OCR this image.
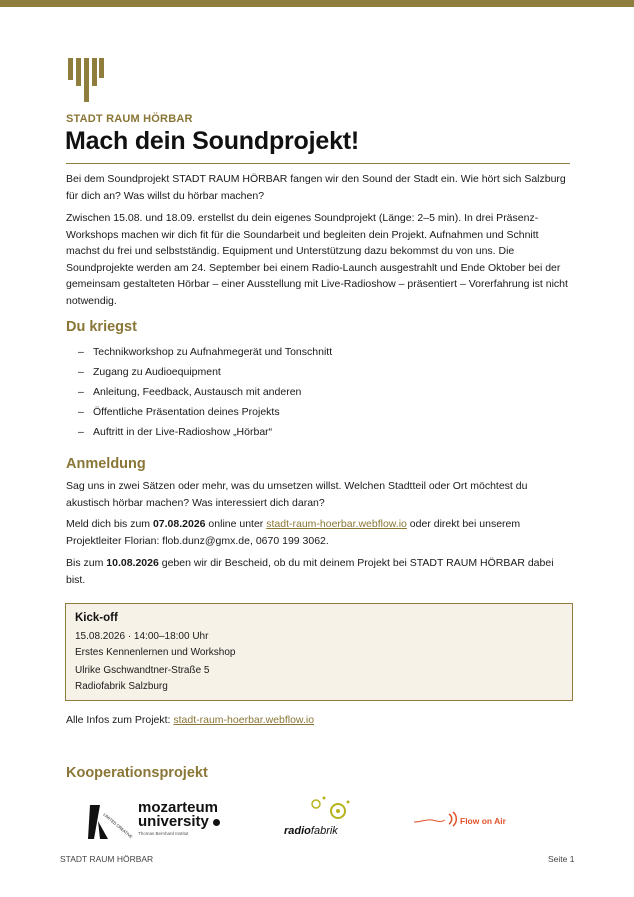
STADT RAUM HÖRBAR
Mach dein Soundprojekt!

Bei dem Soundprojekt STADT RAUM HÖRBAR fangen wir den Sound der Stadt ein. Wie hört sich Salzburg für dich an? Was willst du hörbar machen?

Zwischen 15.08. und 18.09. erstellst du dein eigenes Soundprojekt (Länge: 2–5 min). In drei Präsenz-Workshops machen wir dich fit für die Soundarbeit und begleiten dein Projekt. Aufnahmen und Schnitt machst du frei und selbstständig. Equipment und Unterstützung dazu bekommst du von uns. Die Soundprojekte werden am 24. September bei einem Radio-Launch ausgestrahlt und Ende Oktober bei der gemeinsam gestalteten Hörbar – einer Ausstellung mit Live-Radioshow – präsentiert – Vorerfahrung ist nicht notwendig.

Du kriegst
– Technikworkshop zu Aufnahmegerät und Tonschnitt
– Zugang zu Audioequipment
– Anleitung, Feedback, Austausch mit anderen
– Öffentliche Präsentation deines Projekts
– Auftritt in der Live-Radioshow „Hörbar“
Anmeldung

Sag uns in zwei Sätzen oder mehr, was du umsetzen willst. Welchen Stadtteil oder Ort möchtest du akustisch hörbar machen? Was interessiert dich daran?

Meld dich bis zum 07.08.2026 online unter stadt-raum-hoerbar.webflow.io oder direkt bei unserem
Projektleiter Florian: flob.dunz@gmx.de, 0670 199 3062.

Bis zum 10.08.2026 geben wir dir Bescheid, ob du mit deinem Projekt bei STADT RAUM HÖRBAR dabei bist.

Kick-off
15.08.2026 · 14:00–18:00 Uhr
Erstes Kennenlernen und Workshop
Ulrike Gschwandtner-Straße 5
Radiofabrik Salzburg

Alle Infos zum Projekt: stadt-raum-hoerbar.webflow.io

Kooperationsprojekt
LIMITED CREATIVE
mozarteum
university
Thomas Bernhard Institut	radiofabrik
Flow on Air
STADT RAUM HÖRBAR	Seite 1
